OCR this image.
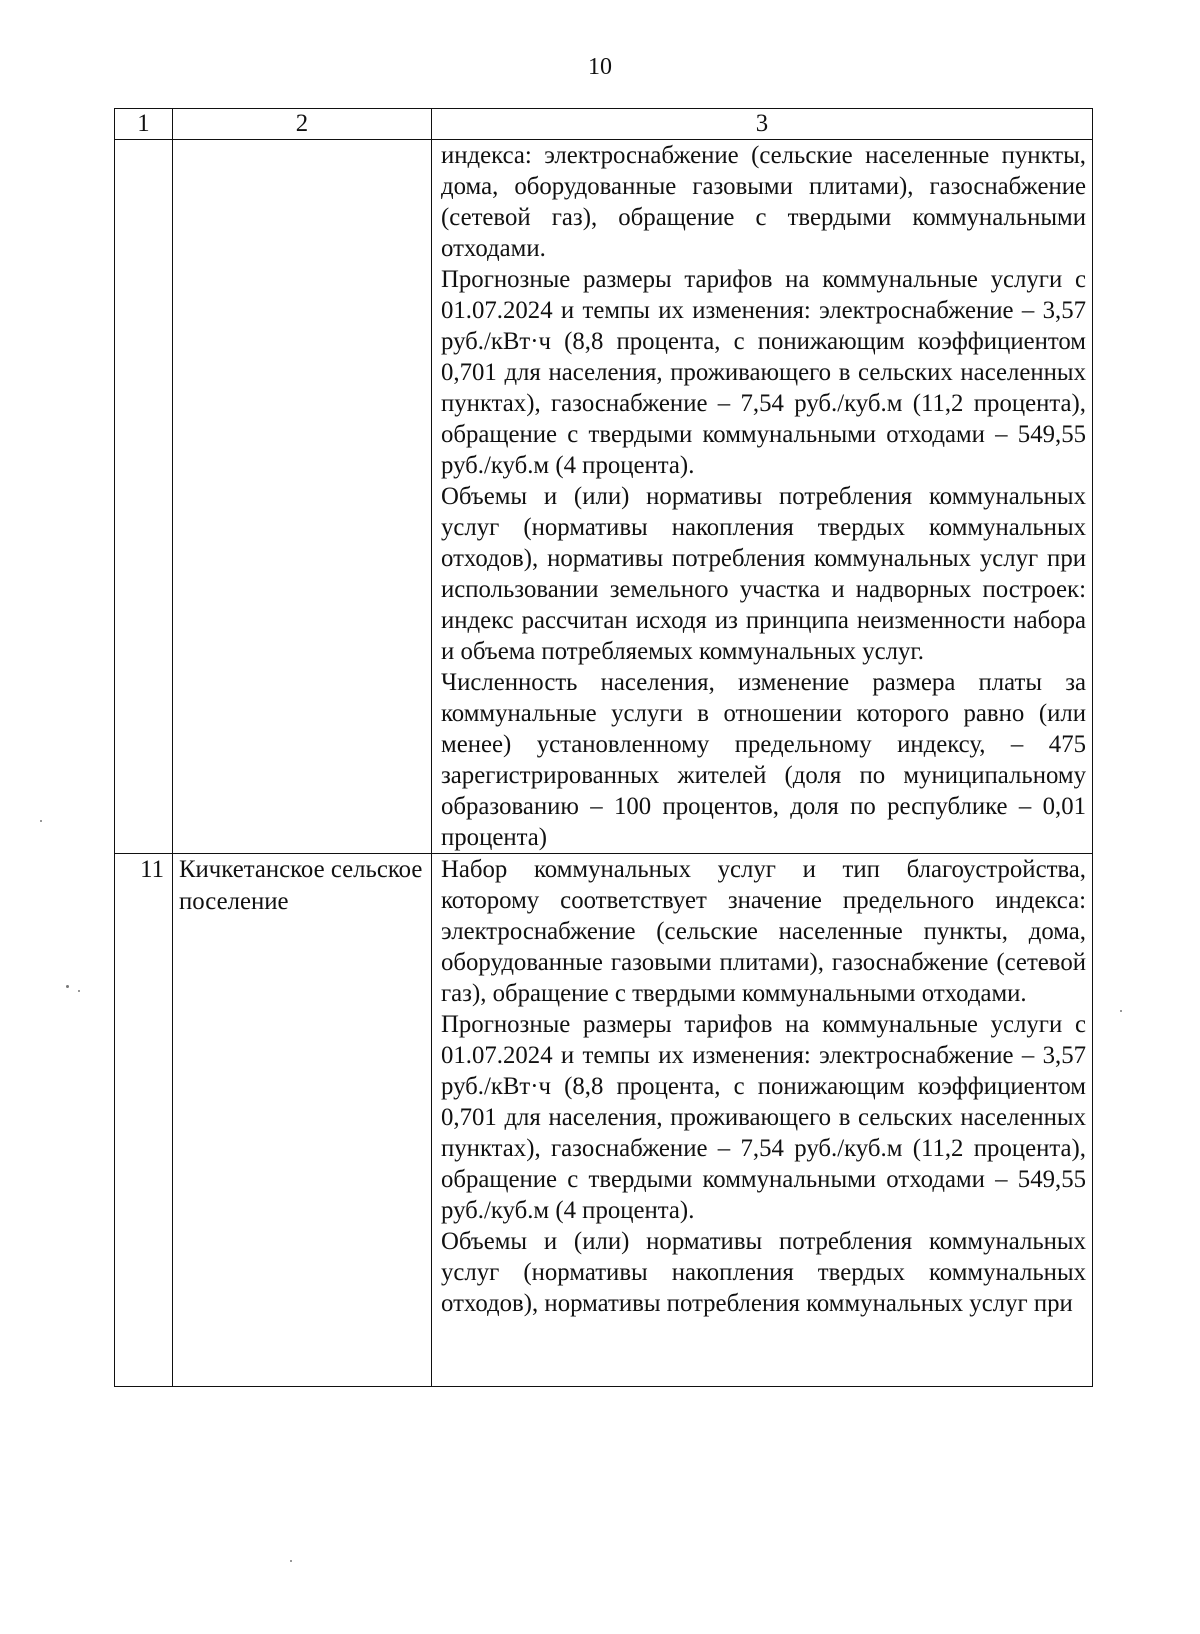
10
1	2	3

		индекса: электроснабжение (сельские населенные пункты, дома, оборудованные газовыми плитами), газоснабжение (сетевой газ), обращение с твердыми коммунальными отходами.

Прогнозные размеры тарифов на коммунальные услуги с 01.07.2024 и темпы их изменения: электроснабжение – 3,57 руб./кВт·ч (8,8 процента, с понижающим коэффициентом 0,701 для населения, проживающего в сельских населенных пунктах), газоснабжение – 7,54 руб./куб.м (11,2 процента), обращение с твердыми коммунальными отходами – 549,55 руб./куб.м (4 процента).

Объемы и (или) нормативы потребления коммунальных услуг (нормативы накопления твердых коммунальных отходов), нормативы потребления коммунальных услуг при использовании земельного участка и надворных построек: индекс рассчитан исходя из принципа неизменности набора и объема потребляемых коммунальных услуг.

Численность населения, изменение размера платы за коммунальные услуги в отношении которого равно (или менее) установленному предельному индексу, – 475 зарегистрированных жителей (доля по муниципальному образованию – 100 процентов, доля по республике – 0,01 процента)

11	Кичкетанское сельское поселение	Набор коммунальных услуг и тип благоустройства, которому соответствует значение предельного индекса: электроснабжение (сельские населенные пункты, дома, оборудованные газовыми плитами), газоснабжение (сетевой газ), обращение с твердыми коммунальными отходами.

Прогнозные размеры тарифов на коммунальные услуги с 01.07.2024 и темпы их изменения: электроснабжение – 3,57 руб./кВт·ч (8,8 процента, с понижающим коэффициентом 0,701 для населения, проживающего в сельских населенных пунктах), газоснабжение – 7,54 руб./куб.м (11,2 процента), обращение с твердыми коммунальными отходами – 549,55 руб./куб.м (4 процента).

Объемы и (или) нормативы потребления коммунальных услуг (нормативы накопления твердых коммунальных отходов), нормативы потребления коммунальных услуг при
